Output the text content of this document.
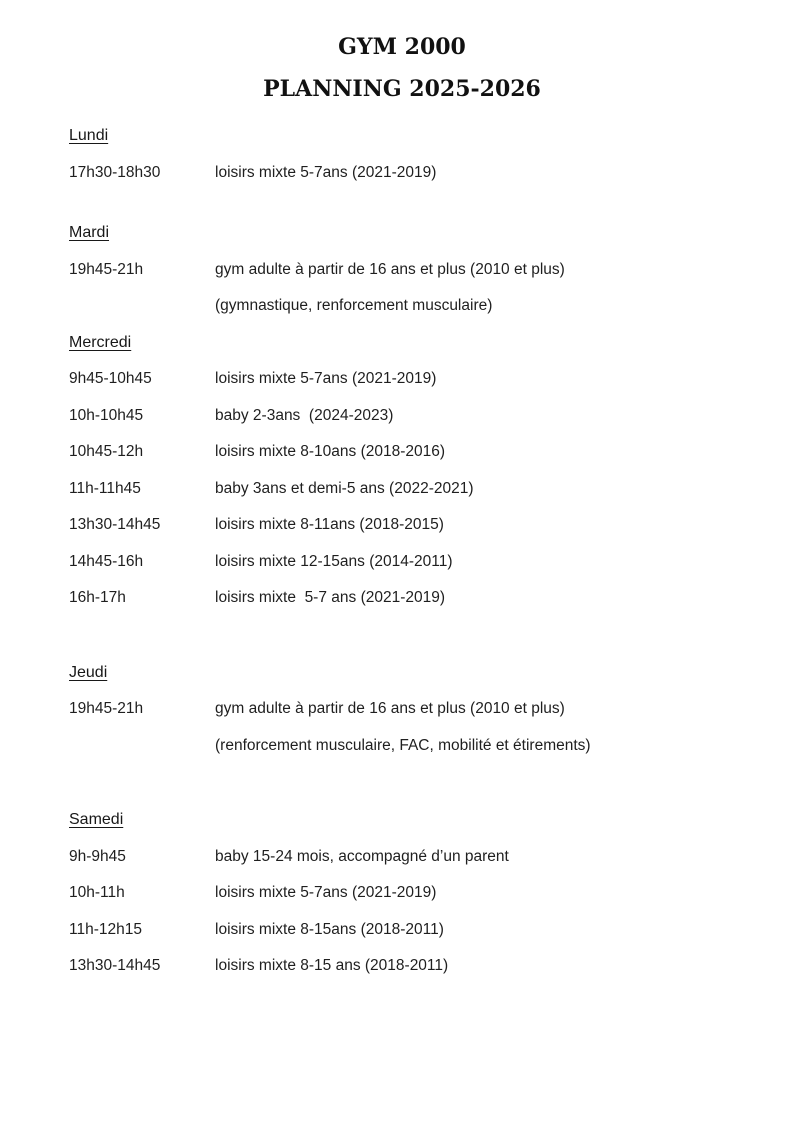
GYM 2000
PLANNING 2025-2026
Lundi
17h30-18h30	loisirs mixte 5-7ans (2021-2019)
Mardi
19h45-21h	gym adulte à partir de 16 ans et plus (2010 et plus)
(gymnastique, renforcement musculaire)
Mercredi
9h45-10h45	loisirs mixte 5-7ans (2021-2019)
10h-10h45	baby 2-3ans  (2024-2023)
10h45-12h	loisirs mixte 8-10ans (2018-2016)
11h-11h45	baby 3ans et demi-5 ans (2022-2021)
13h30-14h45	loisirs mixte 8-11ans (2018-2015)
14h45-16h	loisirs mixte 12-15ans (2014-2011)
16h-17h	loisirs mixte  5-7 ans (2021-2019)
Jeudi
19h45-21h	gym adulte à partir de 16 ans et plus (2010 et plus)
(renforcement musculaire, FAC, mobilité et étirements)
Samedi
9h-9h45	baby 15-24 mois, accompagné d’un parent
10h-11h	loisirs mixte 5-7ans (2021-2019)
11h-12h15	loisirs mixte 8-15ans (2018-2011)
13h30-14h45	loisirs mixte 8-15 ans (2018-2011)
